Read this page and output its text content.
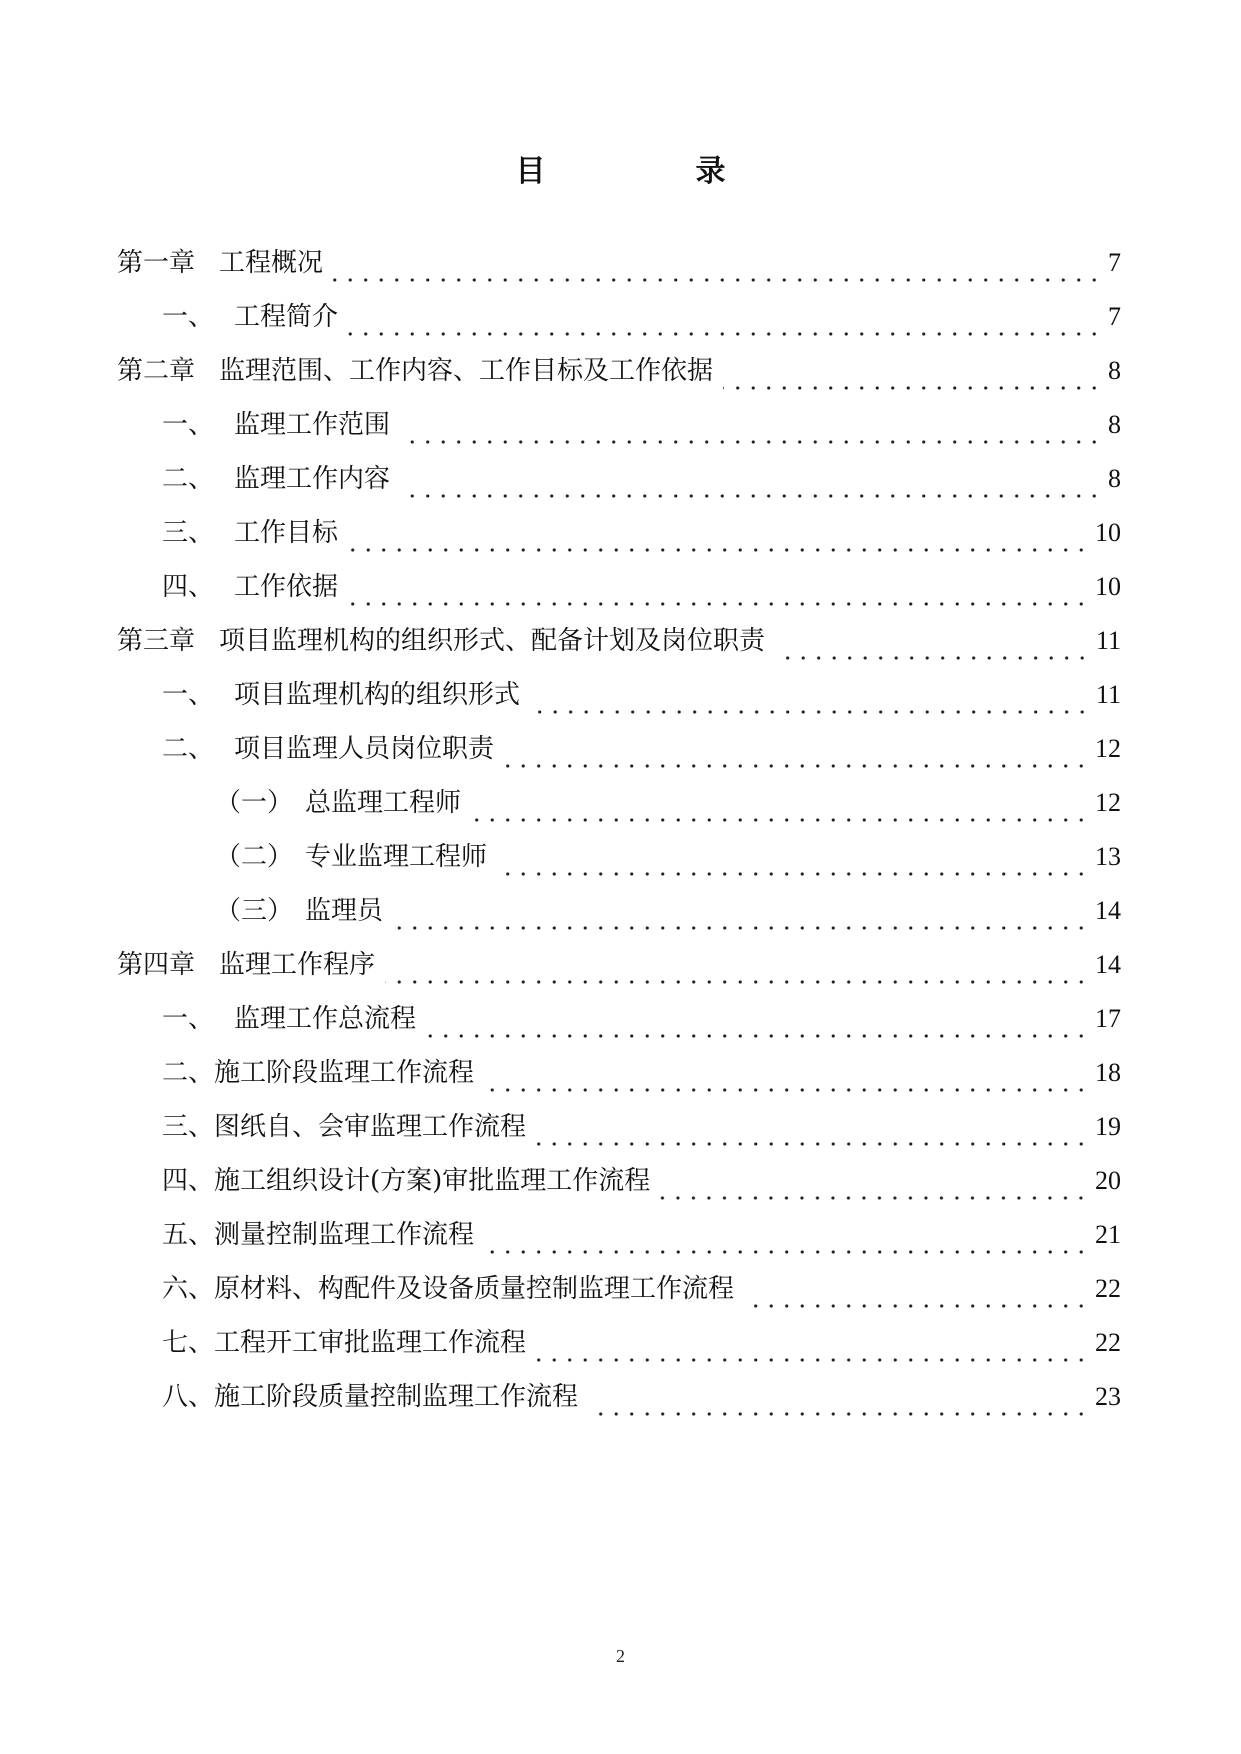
目　录
第一章 工程概况	7
一、 工程简介	7
第二章 监理范围、工作内容、工作目标及工作依据	8
一、 监理工作范围	8
二、 监理工作内容	8
三、 工作目标	10
四、 工作依据	10
第三章 项目监理机构的组织形式、配备计划及岗位职责	11
一、 项目监理机构的组织形式	11
二、 项目监理人员岗位职责	12
（一） 总监理工程师	12
（二） 专业监理工程师	13
（三） 监理员	14
第四章 监理工作程序	14
一、 监理工作总流程	17
二、 施工阶段监理工作流程	18
三、 图纸自、会审监理工作流程	19
四、 施工组织设计(方案)审批监理工作流程	20
五、 测量控制监理工作流程	21
六、 原材料、构配件及设备质量控制监理工作流程	22
七、 工程开工审批监理工作流程	22
八、 施工阶段质量控制监理工作流程	23
2
